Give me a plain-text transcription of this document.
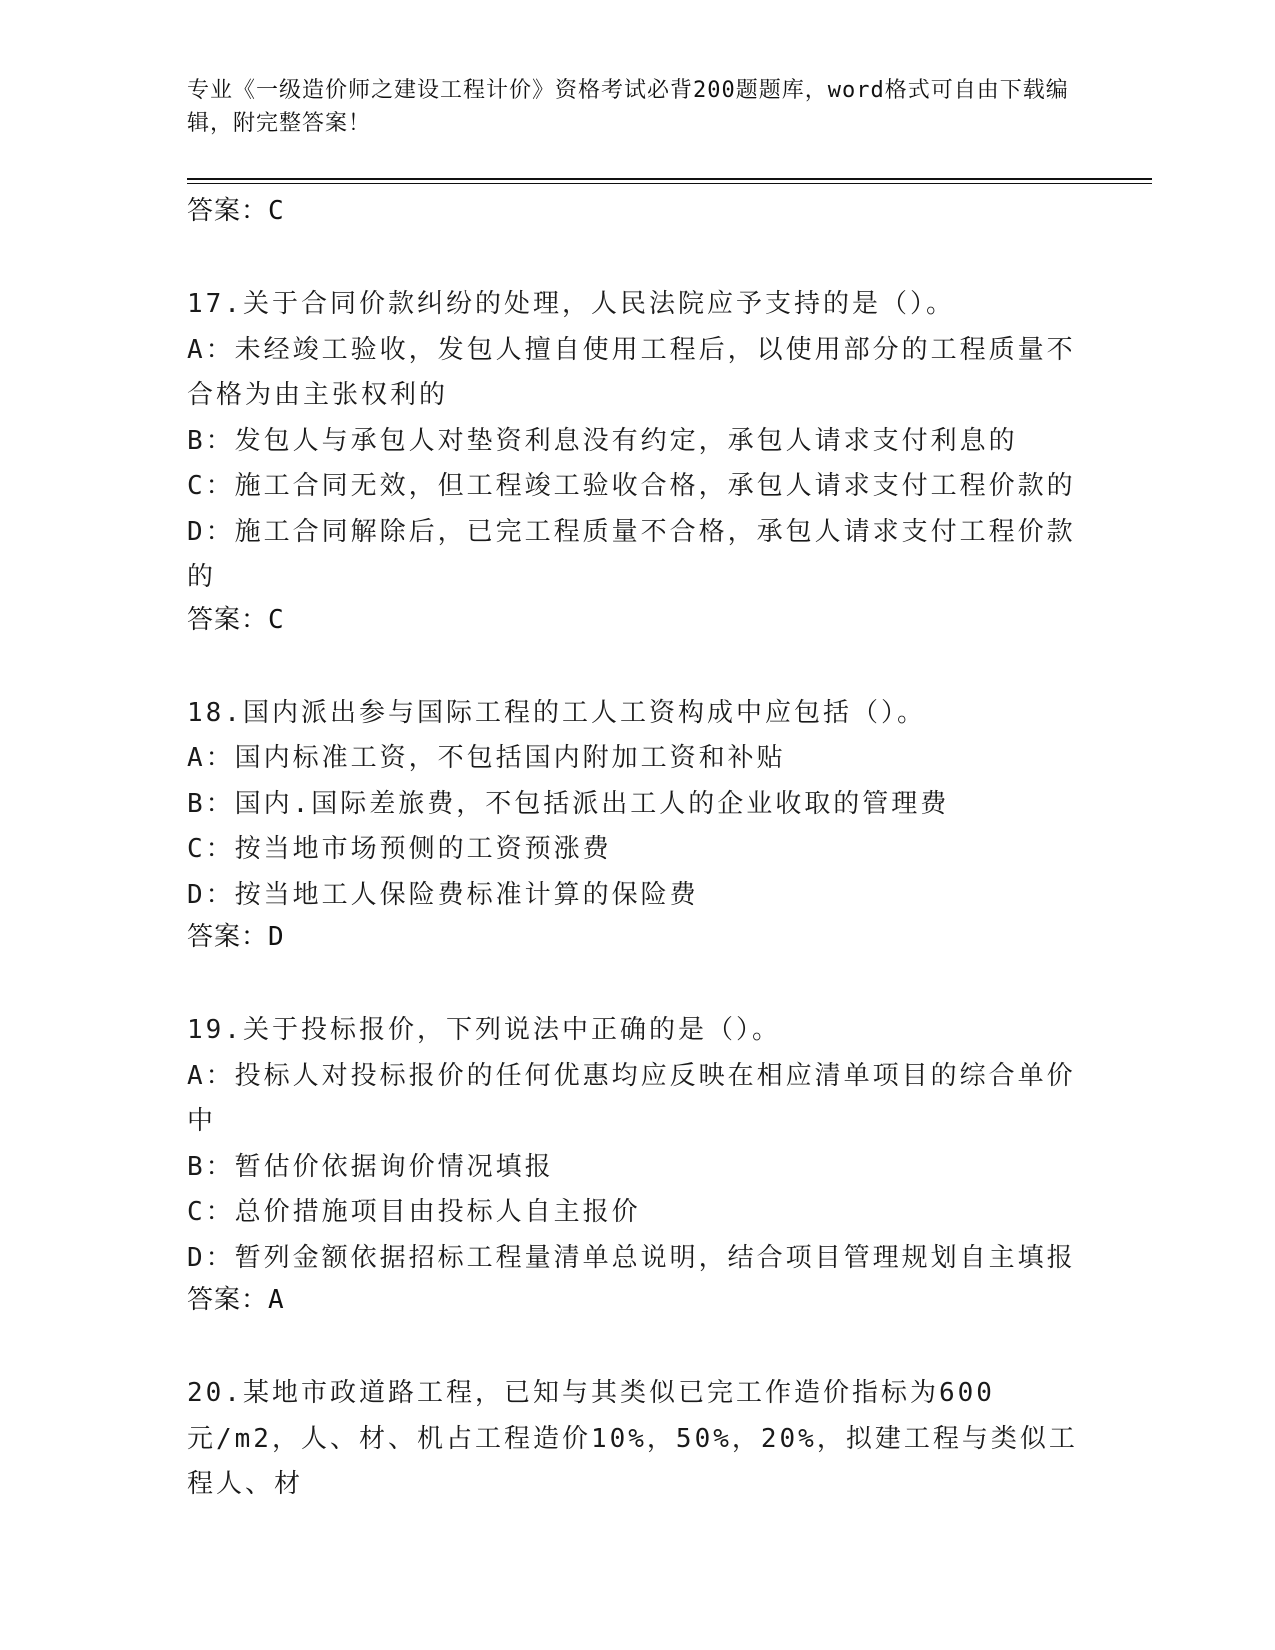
专业《一级造价师之建设工程计价》资格考试必背200题题库，word格式可自由下载编辑，附完整答案！
答案：C

17.关于合同价款纠纷的处理，人民法院应予支持的是（）。

A：未经竣工验收，发包人擅自使用工程后，以使用部分的工程质量不合格为由主张权利的

B：发包人与承包人对垫资利息没有约定，承包人请求支付利息的

C：施工合同无效，但工程竣工验收合格，承包人请求支付工程价款的

D：施工合同解除后，已完工程质量不合格，承包人请求支付工程价款的

答案：C

18.国内派出参与国际工程的工人工资构成中应包括（）。

A：国内标准工资，不包括国内附加工资和补贴

B：国内.国际差旅费，不包括派出工人的企业收取的管理费

C：按当地市场预侧的工资预涨费

D：按当地工人保险费标准计算的保险费

答案：D

19.关于投标报价，下列说法中正确的是（）。

A：投标人对投标报价的任何优惠均应反映在相应清单项目的综合单价中

B：暂估价依据询价情况填报

C：总价措施项目由投标人自主报价

D：暂列金额依据招标工程量清单总说明，结合项目管理规划自主填报

答案：A

20.某地市政道路工程，已知与其类似已完工作造价指标为600元/m2，人、材、机占工程造价10%，50%，20%，拟建工程与类似工程人、材
